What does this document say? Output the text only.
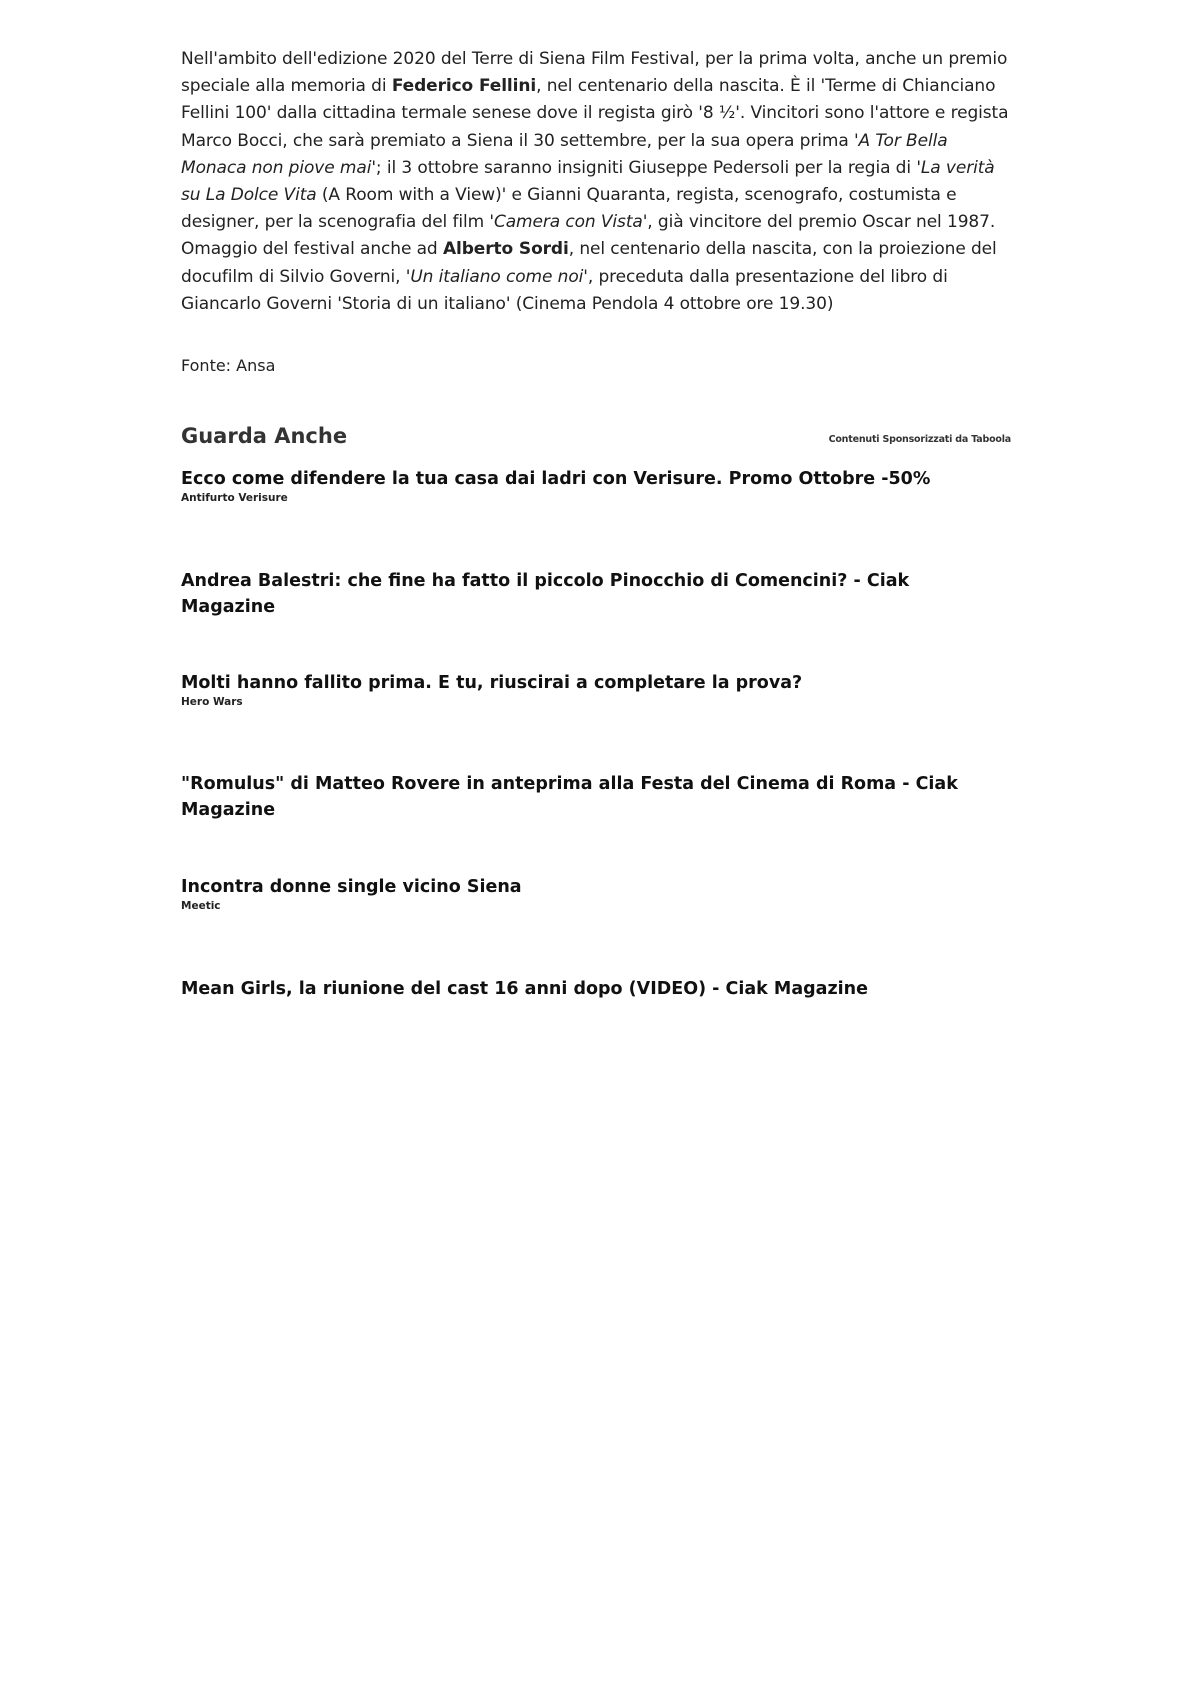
Nell'ambito dell'edizione 2020 del Terre di Siena Film Festival, per la prima volta, anche un premio speciale alla memoria di Federico Fellini, nel centenario della nascita. È il 'Terme di Chianciano Fellini 100' dalla cittadina termale senese dove il regista girò '8 ½'. Vincitori sono l'attore e regista Marco Bocci, che sarà premiato a Siena il 30 settembre, per la sua opera prima 'A Tor Bella Monaca non piove mai'; il 3 ottobre saranno insigniti Giuseppe Pedersoli per la regia di 'La verità su La Dolce Vita (A Room with a View)' e Gianni Quaranta, regista, scenografo, costumista e designer, per la scenografia del film 'Camera con Vista', già vincitore del premio Oscar nel 1987. Omaggio del festival anche ad Alberto Sordi, nel centenario della nascita, con la proiezione del docufilm di Silvio Governi, 'Un italiano come noi', preceduta dalla presentazione del libro di Giancarlo Governi 'Storia di un italiano' (Cinema Pendola 4 ottobre ore 19.30)

Fonte: Ansa

Guarda Anche	Contenuti Sponsorizzati da Taboola
Ecco come difendere la tua casa dai ladri con Verisure. Promo Ottobre -50%
Antifurto Verisure
Andrea Balestri: che fine ha fatto il piccolo Pinocchio di Comencini? - Ciak Magazine
Molti hanno fallito prima. E tu, riuscirai a completare la prova?
Hero Wars
"Romulus" di Matteo Rovere in anteprima alla Festa del Cinema di Roma - Ciak Magazine
Incontra donne single vicino Siena
Meetic
Mean Girls, la riunione del cast 16 anni dopo (VIDEO) - Ciak Magazine
